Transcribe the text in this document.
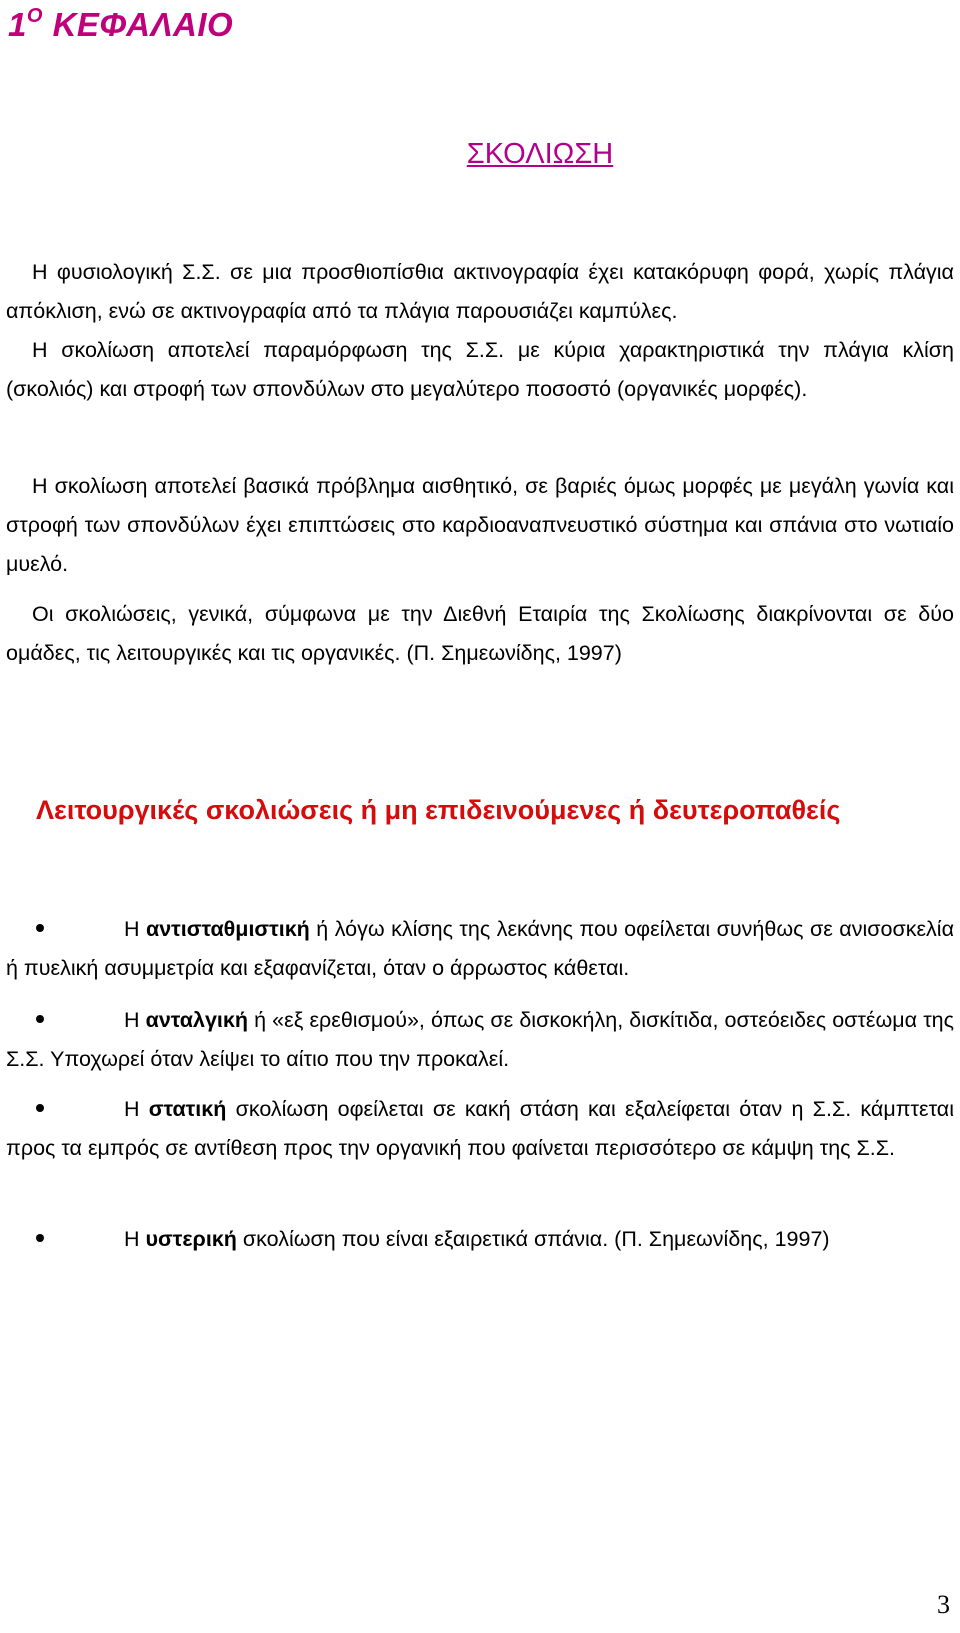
$1^O$ ΚΕΦΑΛΑΙΟ
ΣΚΟΛΙΩΣΗ
Η φυσιολογική Σ.Σ. σε μια προσθιοπίσθια ακτινογραφία έχει κατακόρυφη φορά, χωρίς πλάγια απόκλιση, ενώ σε ακτινογραφία από τα πλάγια παρουσιάζει καμπύλες.
Η σκολίωση αποτελεί παραμόρφωση της Σ.Σ. με κύρια χαρακτηριστικά την πλάγια κλίση (σκολιός) και στροφή των σπονδύλων στο μεγαλύτερο ποσοστό (οργανικές μορφές).
Η σκολίωση αποτελεί βασικά πρόβλημα αισθητικό, σε βαριές όμως μορφές με μεγάλη γωνία και στροφή των σπονδύλων έχει επιπτώσεις στο καρδιοαναπνευστικό σύστημα και σπάνια στο νωτιαίο μυελό.
Οι σκολιώσεις, γενικά, σύμφωνα με την Διεθνή Εταιρία της Σκολίωσης διακρίνονται σε δύο ομάδες, τις λειτουργικές και τις οργανικές. (Π. Σημεωνίδης, 1997)
Λειτουργικές σκολιώσεις ή μη επιδεινούμενες ή δευτεροπαθείς
Η αντισταθμιστική ή λόγω κλίσης της λεκάνης που οφείλεται συνήθως σε ανισοσκελία ή πυελική ασυμμετρία και εξαφανίζεται, όταν ο άρρωστος κάθεται.
Η ανταλγική ή «εξ ερεθισμού», όπως σε δισκοκήλη, δισκίτιδα, οστεόειδες οστέωμα της Σ.Σ. Υποχωρεί όταν λείψει το αίτιο που την προκαλεί.
Η στατική σκολίωση οφείλεται σε κακή στάση και εξαλείφεται όταν η Σ.Σ. κάμπτεται προς τα εμπρός σε αντίθεση προς την οργανική που φαίνεται περισσότερο σε κάμψη της Σ.Σ.
Η υστερική σκολίωση που είναι εξαιρετικά σπάνια. (Π. Σημεωνίδης, 1997)
3
